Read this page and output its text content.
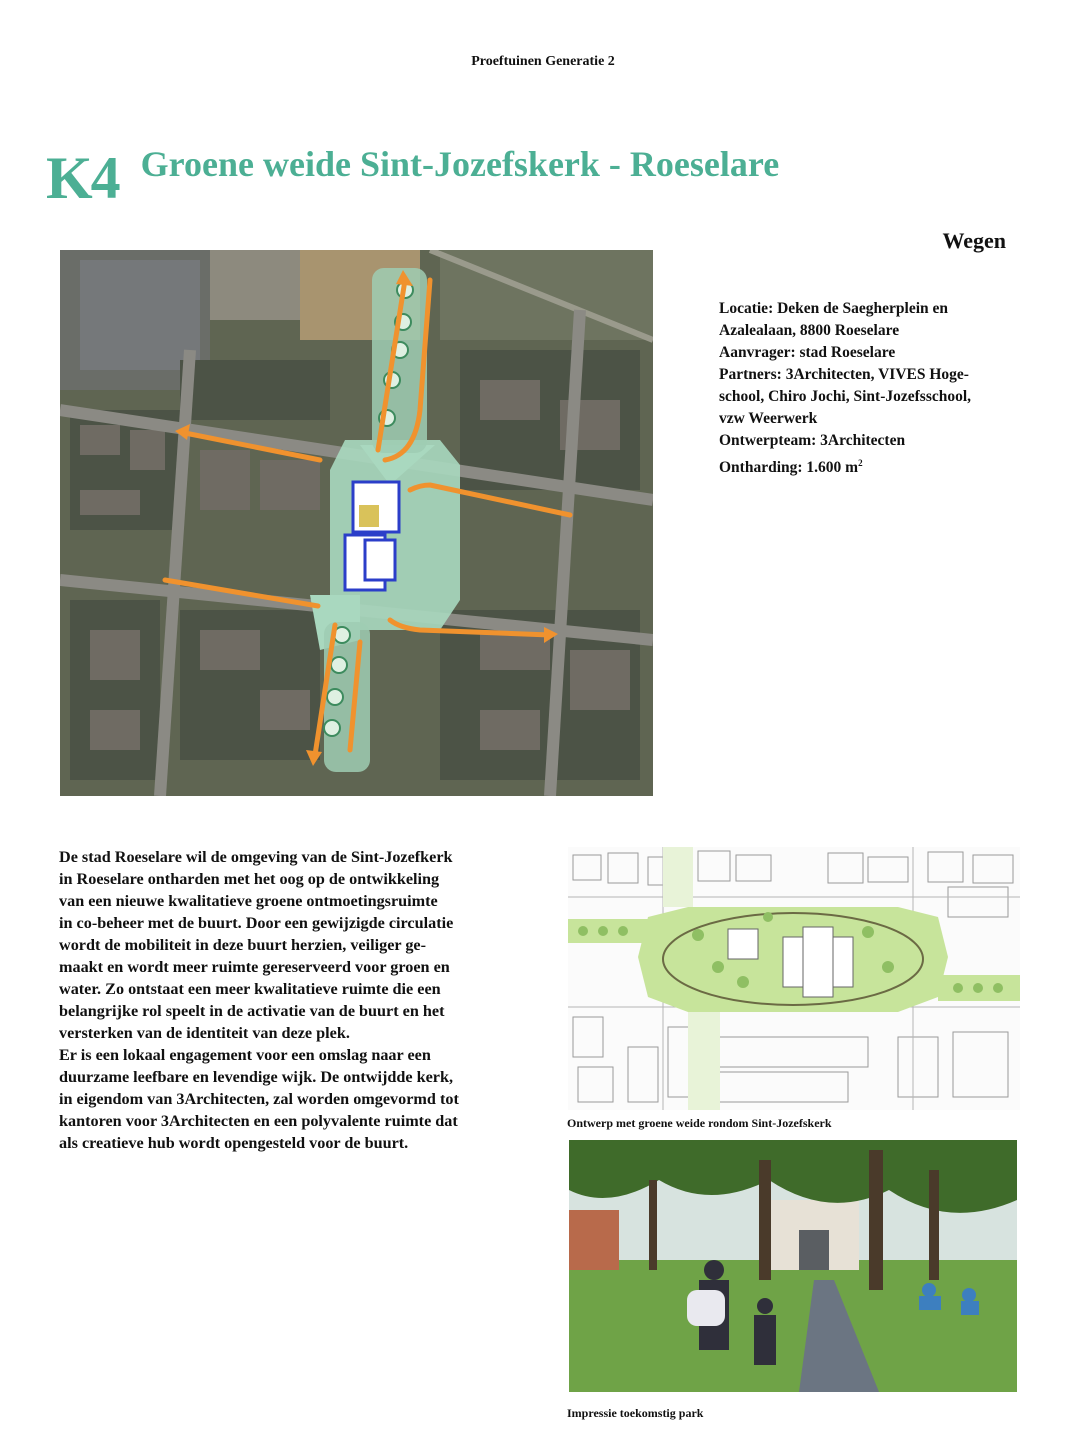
Proeftuinen Generatie 2
K4 Groene weide Sint-Jozefskerk - Roeselare
Wegen
Locatie: Deken de Saegherplein en
Azalealaan, 8800 Roeselare
Aanvrager: stad Roeselare
Partners: 3Architecten, VIVES Hoge-
school, Chiro Jochi, Sint-Jozefsschool,
vzw Weerwerk
Ontwerpteam: 3Architecten
Ontharding: 1.600 $m^2$
De stad Roeselare wil de omgeving van de Sint-Jozefkerk
in Roeselare ontharden met het oog op de ontwikkeling
van een nieuwe kwalitatieve groene ontmoetingsruimte
in co-beheer met de buurt. Door een gewijzigde circulatie
wordt de mobiliteit in deze buurt herzien, veiliger ge-
maakt en wordt meer ruimte gereserveerd voor groen en
water. Zo ontstaat een meer kwalitatieve ruimte die een
belangrijke rol speelt in de activatie van de buurt en het
versterken van de identiteit van deze plek.
Er is een lokaal engagement voor een omslag naar een
duurzame leefbare en levendige wijk. De ontwijdde kerk,
in eigendom van 3Architecten, zal worden omgevormd tot
kantoren voor 3Architecten en een polyvalente ruimte dat
als creatieve hub wordt opengesteld voor de buurt.
Ontwerp met groene weide rondom Sint-Jozefskerk
Impressie toekomstig park
